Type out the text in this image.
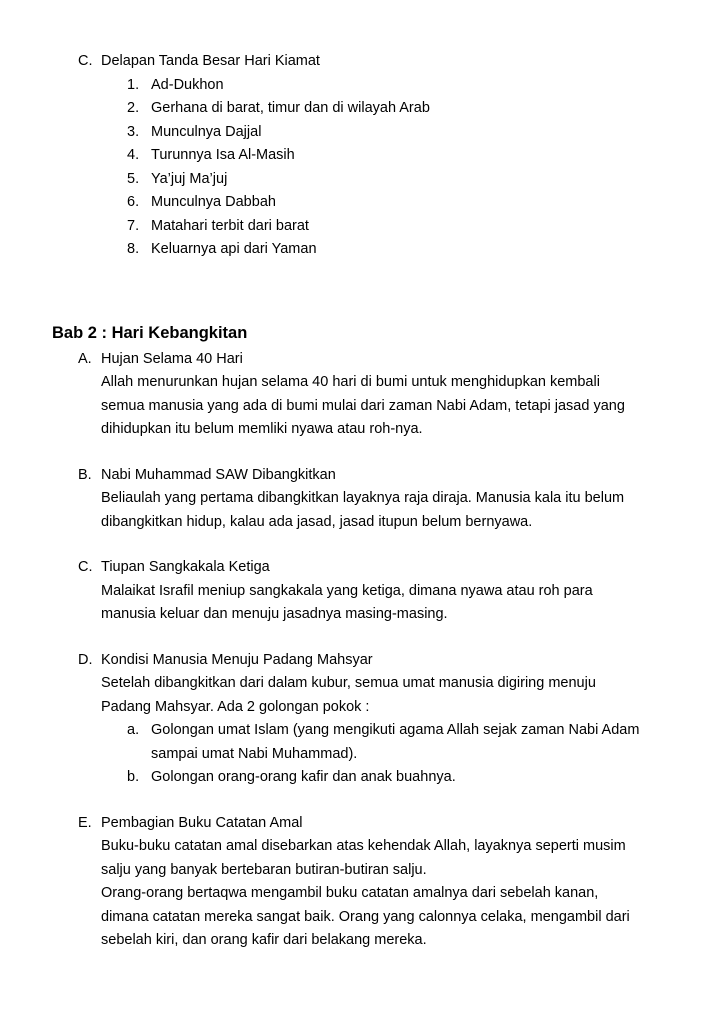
C. Delapan Tanda Besar Hari Kiamat
1. Ad-Dukhon
2. Gerhana di barat, timur dan di wilayah Arab
3. Munculnya Dajjal
4. Turunnya Isa Al-Masih
5. Ya’juj Ma’juj
6. Munculnya Dabbah
7. Matahari terbit dari barat
8. Keluarnya api dari Yaman
Bab 2 : Hari Kebangkitan
A. Hujan Selama 40 Hari
Allah menurunkan hujan selama 40 hari di bumi untuk menghidupkan kembali
semua manusia yang ada di bumi mulai dari zaman Nabi Adam, tetapi jasad yang
dihidupkan itu belum memliki nyawa atau roh-nya.
B. Nabi Muhammad SAW Dibangkitkan
Beliaulah yang pertama dibangkitkan layaknya raja diraja. Manusia kala itu belum
dibangkitkan hidup, kalau ada jasad, jasad itupun belum bernyawa.
C. Tiupan Sangkakala Ketiga
Malaikat Israfil meniup sangkakala yang ketiga, dimana nyawa atau roh para
manusia keluar dan menuju jasadnya masing-masing.
D. Kondisi Manusia Menuju Padang Mahsyar
Setelah dibangkitkan dari dalam kubur, semua umat manusia digiring menuju
Padang Mahsyar. Ada 2 golongan pokok :
a. Golongan umat Islam (yang mengikuti agama Allah sejak zaman Nabi Adam
sampai umat Nabi Muhammad).
b. Golongan orang-orang kafir dan anak buahnya.
E. Pembagian Buku Catatan Amal
Buku-buku catatan amal disebarkan atas kehendak Allah, layaknya seperti musim
salju yang banyak bertebaran butiran-butiran salju.
Orang-orang bertaqwa mengambil buku catatan amalnya dari sebelah kanan,
dimana catatan mereka sangat baik. Orang yang calonnya celaka, mengambil dari
sebelah kiri, dan orang kafir dari belakang mereka.
